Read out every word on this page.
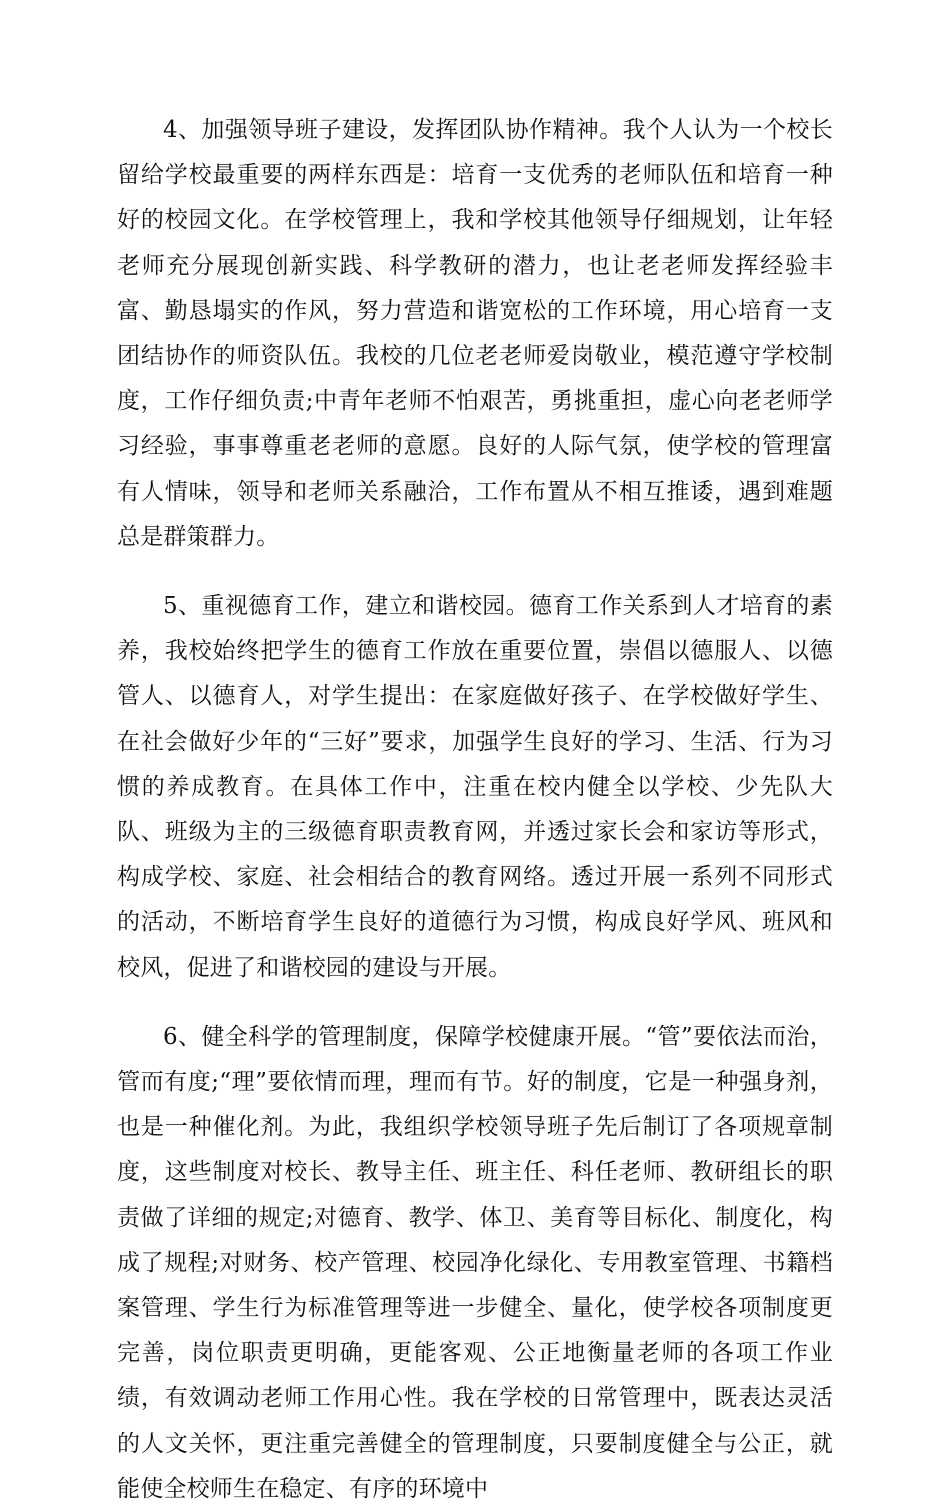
4、加强领导班子建设，发挥团队协作精神。我个人认为一个校长留给学校最重要的两样东西是：培育一支优秀的老师队伍和培育一种好的校园文化。在学校管理上，我和学校其他领导仔细规划，让年轻老师充分展现创新实践、科学教研的潜力，也让老老师发挥经验丰富、勤恳塌实的作风，努力营造和谐宽松的工作环境，用心培育一支团结协作的师资队伍。我校的几位老老师爱岗敬业，模范遵守学校制度，工作仔细负责;中青年老师不怕艰苦，勇挑重担，虚心向老老师学习经验，事事尊重老老师的意愿。良好的人际气氛，使学校的管理富有人情味，领导和老师关系融洽，工作布置从不相互推诿，遇到难题总是群策群力。

5、重视德育工作，建立和谐校园。德育工作关系到人才培育的素养，我校始终把学生的德育工作放在重要位置，崇倡以德服人、以德管人、以德育人，对学生提出：在家庭做好孩子、在学校做好学生、在社会做好少年的“三好”要求，加强学生良好的学习、生活、行为习惯的养成教育。在具体工作中，注重在校内健全以学校、少先队大队、班级为主的三级德育职责教育网，并透过家长会和家访等形式，构成学校、家庭、社会相结合的教育网络。透过开展一系列不同形式的活动，不断培育学生良好的道德行为习惯，构成良好学风、班风和校风，促进了和谐校园的建设与开展。

6、健全科学的管理制度，保障学校健康开展。“管”要依法而治，管而有度;“理”要依情而理，理而有节。好的制度，它是一种强身剂，也是一种催化剂。为此，我组织学校领导班子先后制订了各项规章制度，这些制度对校长、教导主任、班主任、科任老师、教研组长的职责做了详细的规定;对德育、教学、体卫、美育等目标化、制度化，构成了规程;对财务、校产管理、校园净化绿化、专用教室管理、书籍档案管理、学生行为标准管理等进一步健全、量化，使学校各项制度更完善，岗位职责更明确，更能客观、公正地衡量老师的各项工作业绩，有效调动老师工作用心性。我在学校的日常管理中，既表达灵活的人文关怀，更注重完善健全的管理制度，只要制度健全与公正，就能使全校师生在稳定、有序的环境中
